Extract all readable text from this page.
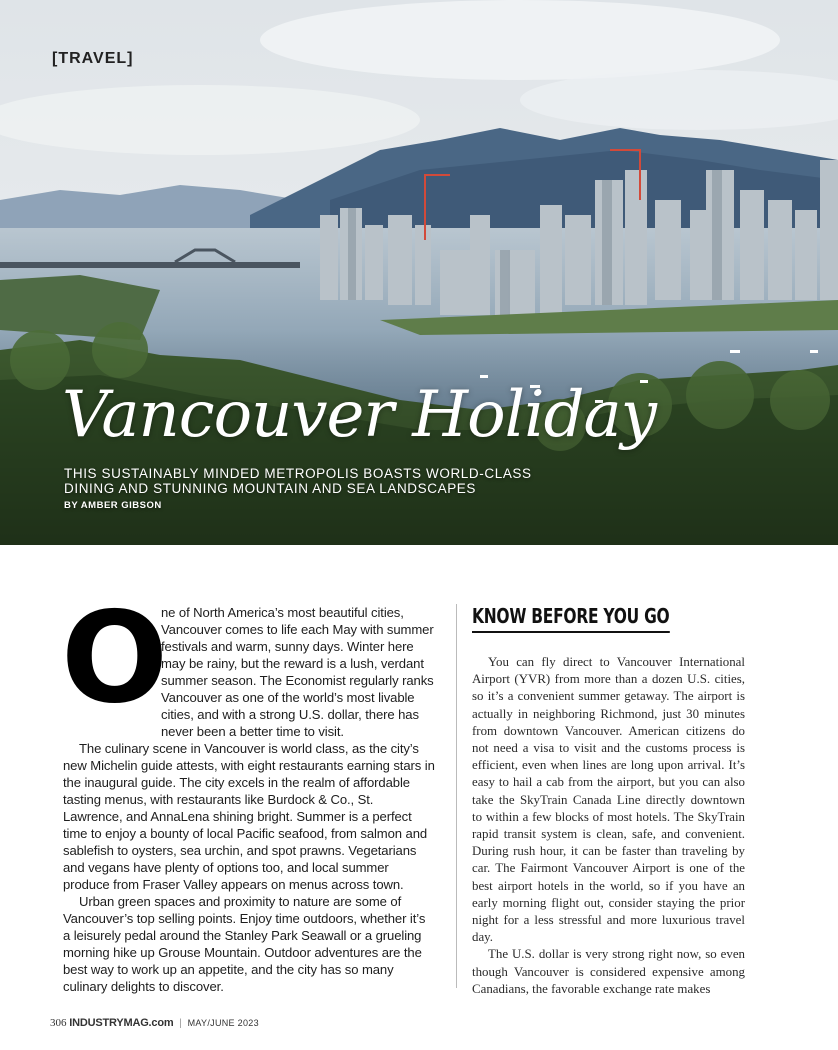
[TRAVEL]
Vancouver Holiday
THIS SUSTAINABLY MINDED METROPOLIS BOASTS WORLD-CLASS DINING AND STUNNING MOUNTAIN AND SEA LANDSCAPES
BY AMBER GIBSON
O

ne of North America’s most beautiful cities, Vancouver comes to life each May with summer festivals and warm, sunny days. Winter here may be rainy, but the reward is a lush, verdant summer season. The Economist regularly ranks Vancouver as one of the world’s most livable cities, and with a strong U.S. dollar, there has never been a better time to visit.

The culinary scene in Vancouver is world class, as the city’s new Michelin guide attests, with eight restaurants earning stars in the inaugural guide. The city excels in the realm of affordable tasting menus, with restaurants like Burdock & Co., St. Lawrence, and AnnaLena shining bright. Summer is a perfect time to enjoy a bounty of local Pacific seafood, from salmon and sablefish to oysters, sea urchin, and spot prawns. Vegetarians and vegans have plenty of options too, and local summer produce from Fraser Valley appears on menus across town.

Urban green spaces and proximity to nature are some of Vancouver’s top selling points. Enjoy time outdoors, whether it’s a leisurely pedal around the Stanley Park Seawall or a grueling morning hike up Grouse Mountain. Outdoor adventures are the best way to work up an appetite, and the city has so many culinary delights to discover.

KNOW BEFORE YOU GO

You can fly direct to Vancouver International Airport (YVR) from more than a dozen U.S. cities, so it’s a convenient summer getaway. The airport is actually in neighboring Richmond, just 30 minutes from downtown Vancouver. American citizens do not need a visa to visit and the customs process is efficient, even when lines are long upon arrival. It’s easy to hail a cab from the airport, but you can also take the SkyTrain Canada Line directly downtown to within a few blocks of most hotels. The SkyTrain rapid transit system is clean, safe, and convenient. During rush hour, it can be faster than traveling by car. The Fairmont Vancouver Airport is one of the best airport hotels in the world, so if you have an early morning flight out, consider staying the prior night for a less stressful and more luxurious travel day.

The U.S. dollar is very strong right now, so even though Vancouver is considered expensive among Canadians, the favorable exchange rate makes

306 INDUSTRYMAG.com | MAY/JUNE 2023
